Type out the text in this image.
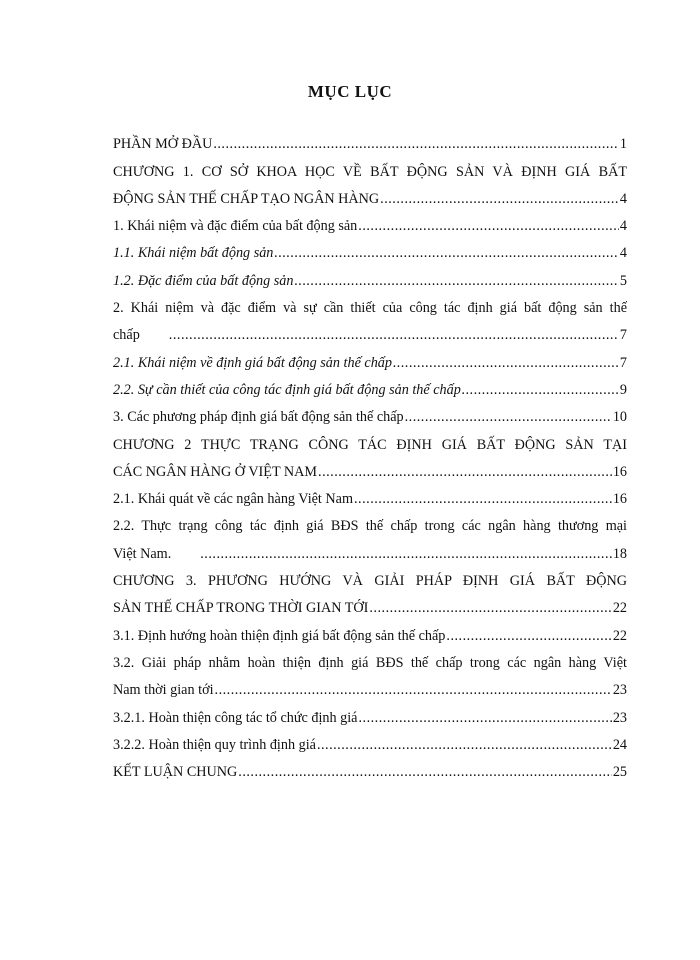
MỤC LỤC
PHẦN MỞ ĐẦU .....	1
CHƯƠNG 1. CƠ SỞ KHOA HỌC VỀ BẤT ĐỘNG SẢN VÀ ĐỊNH GIÁ BẤT
ĐỘNG SẢN THẾ CHẤP TẠO NGÂN HÀNG .....	4
1. Khái niệm và đặc điểm của bất động sản .....	4
1.1. Khái niệm bất động sản .....	4
1.2. Đặc điểm của bất động sản .....	5
2. Khái niệm và đặc điểm và sự cần thiết của công tác định giá bất động sản thế
chấp .....	7
2.1. Khái niệm về định giá bất động sản thế chấp .....	7
2.2. Sự cần thiết của công tác định giá bất động sản thế chấp .....	9
3. Các phương pháp định giá bất động sản thế chấp .....	10
CHƯƠNG 2 THỰC TRẠNG CÔNG TÁC ĐỊNH GIÁ BẤT ĐỘNG SẢN TẠI
CÁC NGÂN HÀNG Ở VIỆT NAM .....	16
2.1. Khái quát về các ngân hàng Việt Nam .....	16
2.2. Thực trạng công tác định giá BĐS thế chấp trong các ngân hàng thương mại
Việt Nam. .....	18
CHƯƠNG 3. PHƯƠNG HƯỚNG VÀ GIẢI PHÁP ĐỊNH GIÁ BẤT ĐỘNG
SẢN THẾ CHẤP TRONG THỜI GIAN TỚI .....	22
3.1. Định hướng hoàn thiện định giá bất động sản thế chấp .....	22
3.2. Giải pháp nhằm hoàn thiện định giá BĐS thế chấp trong các ngân hàng Việt
Nam thời gian tới .....	23
3.2.1. Hoàn thiện công tác tổ chức định giá .....	23
3.2.2. Hoàn thiện quy trình định giá .....	24
KẾT LUẬN CHUNG .....	25
